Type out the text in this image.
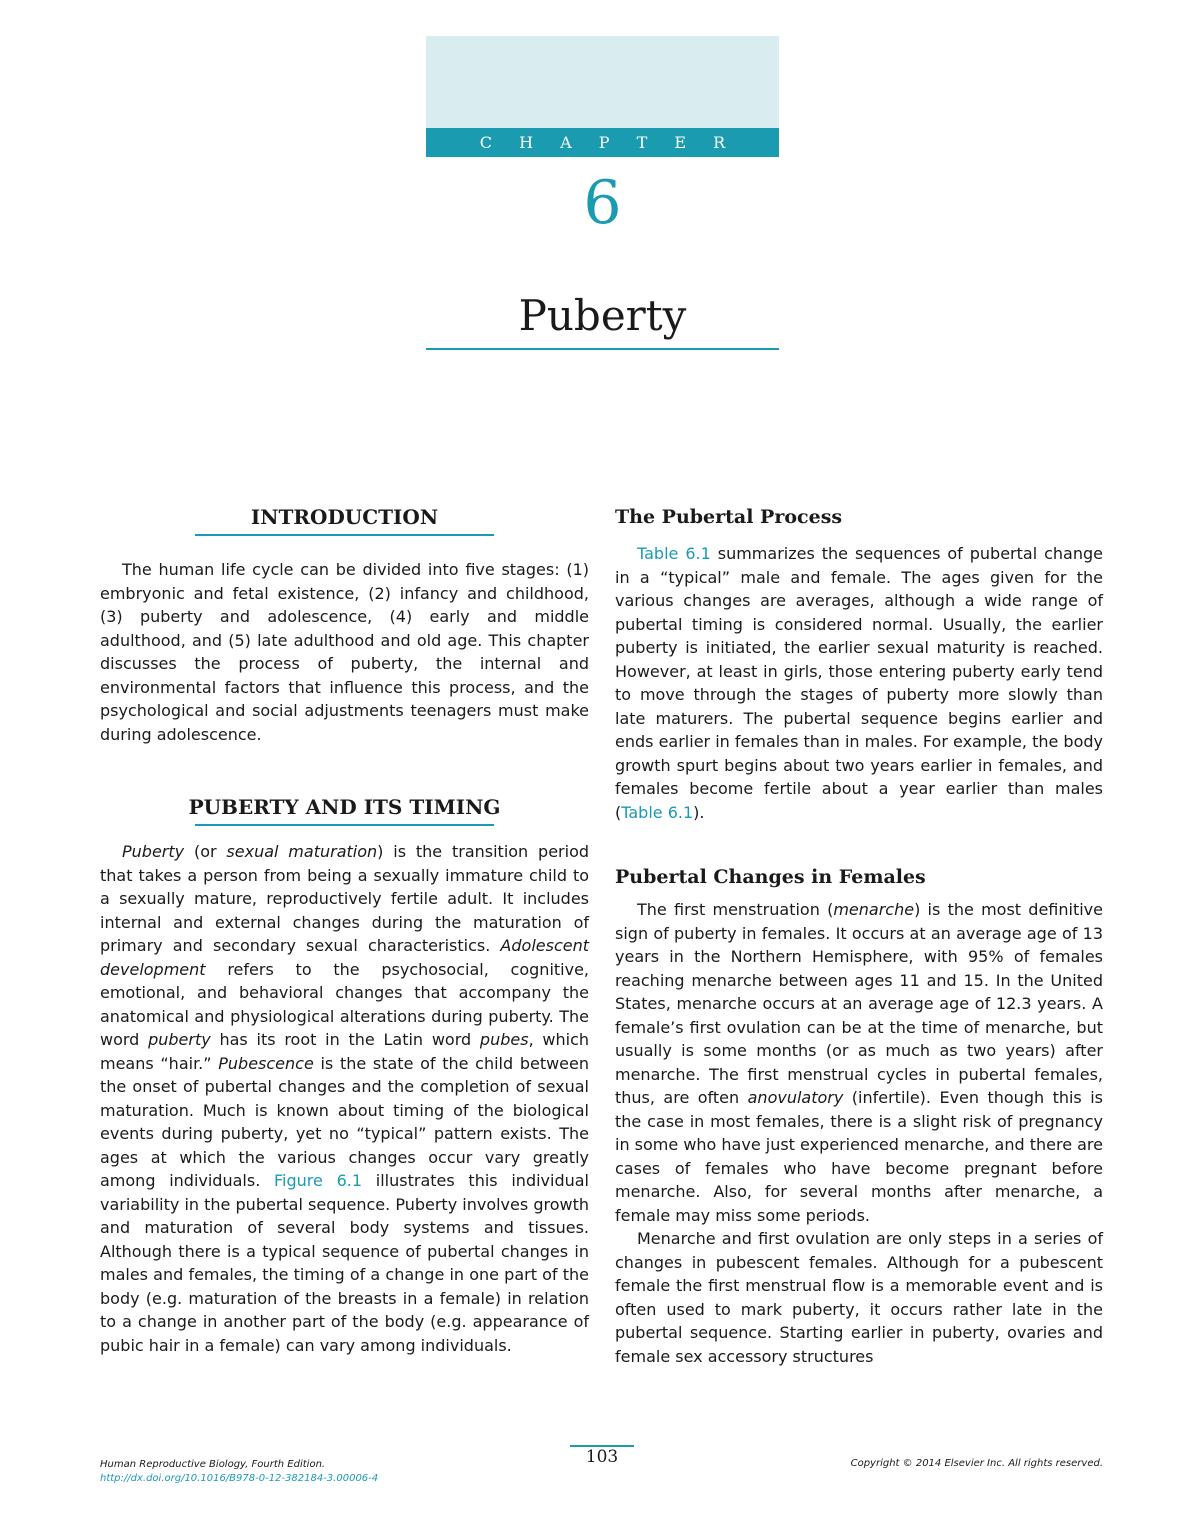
C H A P T E R
6
Puberty
INTRODUCTION

The human life cycle can be divided into five stages: (1) embryonic and fetal existence, (2) infancy and childhood, (3) puberty and adolescence, (4) early and middle adulthood, and (5) late adulthood and old age. This chapter discusses the process of puberty, the internal and environmental factors that influence this process, and the psychological and social adjustments teenagers must make during adolescence.

PUBERTY AND ITS TIMING

Puberty (or sexual maturation) is the transition period that takes a person from being a sexually immature child to a sexually mature, reproductively fertile adult. It includes internal and external changes during the maturation of primary and secondary sexual characteristics. Adolescent development refers to the psychosocial, cognitive, emotional, and behavioral changes that accompany the anatomical and physiological alterations during puberty. The word puberty has its root in the Latin word pubes, which means “hair.” Pubescence is the state of the child between the onset of pubertal changes and the completion of sexual maturation. Much is known about timing of the biological events during puberty, yet no “typical” pattern exists. The ages at which the various changes occur vary greatly among individuals. Figure 6.1 illustrates this individual variability in the pubertal sequence. Puberty involves growth and maturation of several body systems and tissues. Although there is a typical sequence of pubertal changes in males and females, the timing of a change in one part of the body (e.g. maturation of the breasts in a female) in relation to a change in another part of the body (e.g. appearance of pubic hair in a female) can vary among individuals.

The Pubertal Process

Table 6.1 summarizes the sequences of pubertal change in a “typical” male and female. The ages given for the various changes are averages, although a wide range of pubertal timing is considered normal. Usually, the earlier puberty is initiated, the earlier sexual maturity is reached. However, at least in girls, those entering puberty early tend to move through the stages of puberty more slowly than late maturers. The pubertal sequence begins earlier and ends earlier in females than in males. For example, the body growth spurt begins about two years earlier in females, and females become fertile about a year earlier than males (Table 6.1).

Pubertal Changes in Females

The first menstruation (menarche) is the most definitive sign of puberty in females. It occurs at an average age of 13 years in the Northern Hemisphere, with 95% of females reaching menarche between ages 11 and 15. In the United States, menarche occurs at an average age of 12.3 years. A female’s first ovulation can be at the time of menarche, but usually is some months (or as much as two years) after menarche. The first menstrual cycles in pubertal females, thus, are often anovulatory (infertile). Even though this is the case in most females, there is a slight risk of pregnancy in some who have just experienced menarche, and there are cases of females who have become pregnant before menarche. Also, for several months after menarche, a female may miss some periods.

Menarche and first ovulation are only steps in a series of changes in pubescent females. Although for a pubescent female the first menstrual flow is a memorable event and is often used to mark puberty, it occurs rather late in the pubertal sequence. Starting earlier in puberty, ovaries and female sex accessory structures

103
Human Reproductive Biology, Fourth Edition.
http://dx.doi.org/10.1016/B978-0-12-382184-3.00006-4
Copyright © 2014 Elsevier Inc. All rights reserved.
